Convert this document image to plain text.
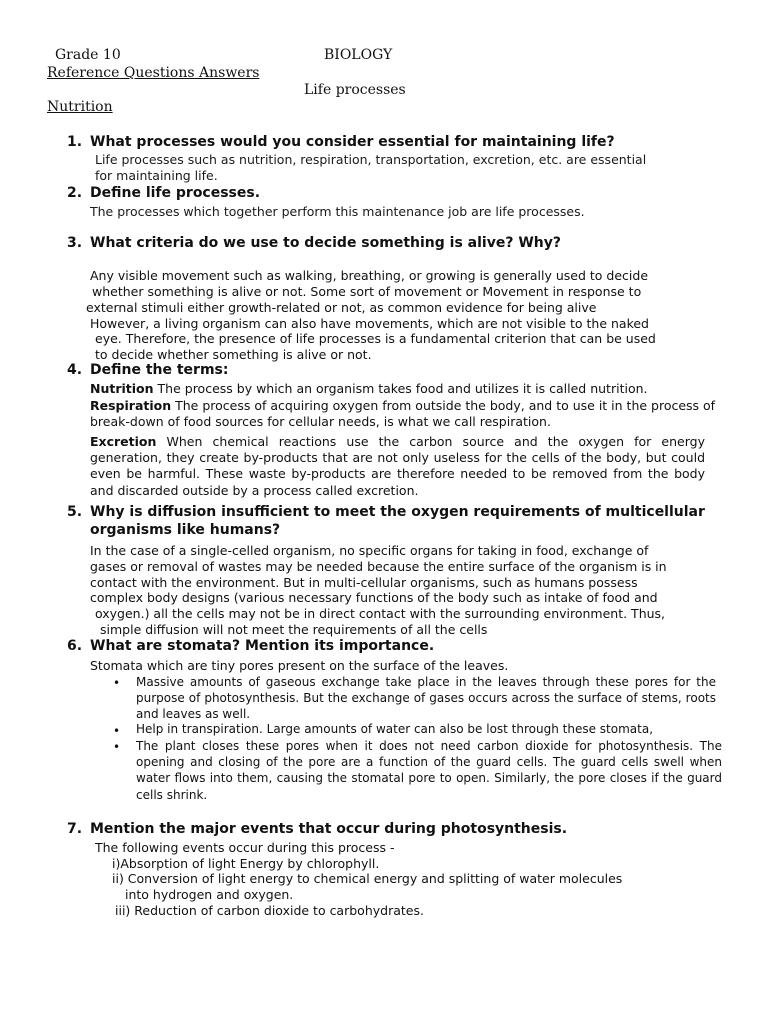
Grade 10	BIOLOGY
Reference Questions Answers
Life processes
Nutrition
1. What processes would you consider essential for maintaining life?
Life processes such as nutrition, respiration, transportation, excretion, etc. are essential
for maintaining life.
2. Define life processes.
The processes which together perform this maintenance job are life processes.
3. What criteria do we use to decide something is alive? Why?
Any visible movement such as walking, breathing, or growing is generally used to decide
whether something is alive or not. Some sort of movement or Movement in response to
external stimuli either growth-related or not, as common evidence for being alive
However, a living organism can also have movements, which are not visible to the naked
eye. Therefore, the presence of life processes is a fundamental criterion that can be used
to decide whether something is alive or not.
4. Define the terms:
Nutrition The process by which an organism takes food and utilizes it is called nutrition.
Respiration The process of acquiring oxygen from outside the body, and to use it in the process of
break-down of food sources for cellular needs, is what we call respiration.
Excretion When chemical reactions use the carbon source and the oxygen for energy generation, they create by-products that are not only useless for the cells of the body, but could even be harmful. These waste by-products are therefore needed to be removed from the body and discarded outside by a process called excretion.
5. Why is diffusion insufficient to meet the oxygen requirements of multicellular
organisms like humans?
In the case of a single-celled organism, no specific organs for taking in food, exchange of
gases or removal of wastes may be needed because the entire surface of the organism is in
contact with the environment. But in multi-cellular organisms, such as humans possess
complex body designs (various necessary functions of the body such as intake of food and
oxygen.) all the cells may not be in direct contact with the surrounding environment. Thus,
simple diffusion will not meet the requirements of all the cells
6. What are stomata? Mention its importance.
Stomata which are tiny pores present on the surface of the leaves.
• Massive amounts of gaseous exchange take place in the leaves through these pores for the purpose of photosynthesis. But the exchange of gases occurs across the surface of stems, roots and leaves as well.
• Help in transpiration. Large amounts of water can also be lost through these stomata,
• The plant closes these pores when it does not need carbon dioxide for photosynthesis. The opening and closing of the pore are a function of the guard cells. The guard cells swell when water flows into them, causing the stomatal pore to open. Similarly, the pore closes if the guard cells shrink.
7. Mention the major events that occur during photosynthesis.
The following events occur during this process -
i)Absorption of light Energy by chlorophyll.
ii) Conversion of light energy to chemical energy and splitting of water molecules
into hydrogen and oxygen.
iii) Reduction of carbon dioxide to carbohydrates.
